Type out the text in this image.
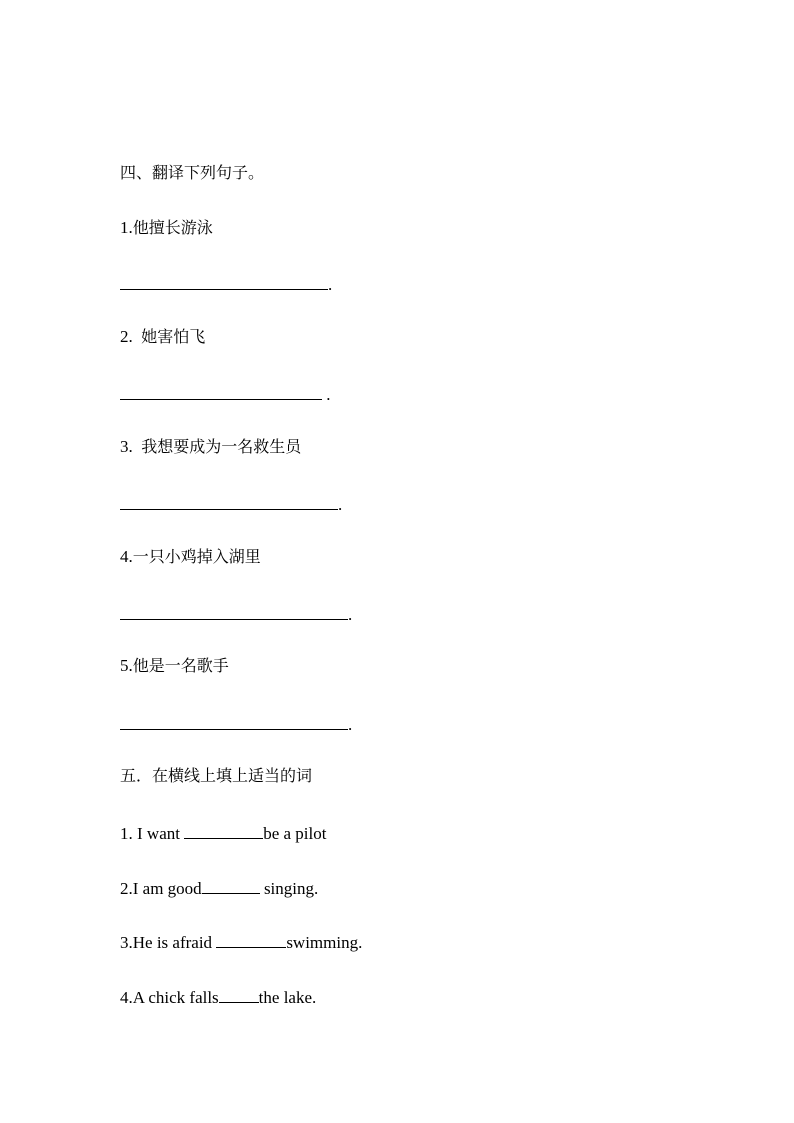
四、翻译下列句子。
1.他擅长游泳
.
2. 她害怕飞
.
3. 我想要成为一名救生员
.
4.一只小鸡掉入湖里
.
5.他是一名歌手
.
五．在横线上填上适当的词
1. I want	be a pilot
2.I am good	singing.
3.He is afraid	swimming.
4.A chick falls the lake.
